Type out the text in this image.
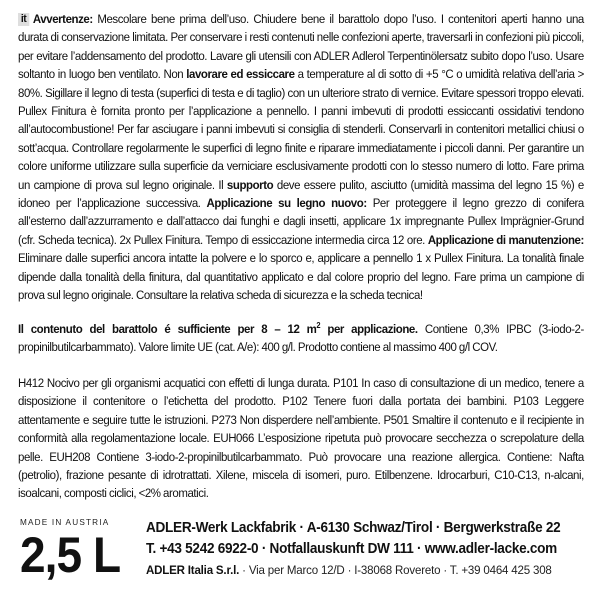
it Avvertenze: Mescolare bene prima dell’uso. Chiudere bene il barattolo dopo l’uso. I contenitori aperti hanno una durata di conservazione limitata. Per conservare i resti contenuti nelle confezioni aperte, traversarli in confezioni più piccoli, per evitare l’addensamento del prodotto. Lavare gli utensili con ADLER Adlerol Terpentinölersatz subito dopo l’uso. Usare soltanto in luogo ben ventilato. Non lavorare ed essiccare a temperature al di sotto di +5 °C o umidità relativa dell’aria > 80%. Sigillare il legno di testa (superfici di testa e di taglio) con un ulteriore strato di vernice. Evitare spessori troppo elevati. Pullex Finitura è fornita pronto per l’applicazione a pennello. I panni imbevuti di prodotti essiccanti ossidativi tendono all’autocombustione! Per far asciugare i panni imbevuti si consiglia di stenderli. Conservarli in contenitori metallici chiusi o sott’acqua. Controllare regolarmente le superfici di legno finite e riparare immediatamente i piccoli danni. Per garantire un colore uniforme utilizzare sulla superficie da verniciare esclusivamente prodotti con lo stesso numero di lotto. Fare prima un campione di prova sul legno originale. Il supporto deve essere pulito, asciutto (umidità massima del legno 15 %) e idoneo per l’applicazione successiva. Applicazione su legno nuovo: Per proteggere il legno grezzo di conifera all’esterno dall’azzurramento e dall’attacco dai funghi e dagli insetti, applicare 1x impregnante Pullex Imprägnier-Grund (cfr. Scheda tecnica). 2x Pullex Finitura. Tempo di essiccazione intermedia circa 12 ore. Applicazione di manutenzione: Eliminare dalle superfici ancora intatte la polvere e lo sporco e, applicare a pennello 1 x Pullex Finitura. La tonalità finale dipende dalla tonalità della finitura, dal quantitativo applicato e dal colore proprio del legno. Fare prima un campione di prova sul legno originale. Consultare la relativa scheda di sicurezza e la scheda tecnica!
Il contenuto del barattolo é sufficiente per 8 – 12 $m^2$ per applicazione. Contiene 0,3% IPBC (3-iodo-2-propinilbutilcarbammato). Valore limite UE (cat. A/e): 400 g/l. Prodotto contiene al massimo 400 g/l COV.
H412 Nocivo per gli organismi acquatici con effetti di lunga durata. P101 In caso di consultazione di un medico, tenere a disposizione il contenitore o l’etichetta del prodotto. P102 Tenere fuori dalla portata dei bambini. P103 Leggere attentamente e seguire tutte le istruzioni. P273 Non disperdere nell’ambiente. P501 Smaltire il contenuto e il recipiente in conformità alla regolamentazione locale. EUH066 L’esposizione ripetuta può provocare secchezza o screpolature della pelle. EUH208 Contiene 3-iodo-2-propinilbutilcarbammato. Può provocare una reazione allergica. Contiene: Nafta (petrolio), frazione pesante di idrotrattati. Xilene, miscela di isomeri, puro. Etilbenzene. Idrocarburi, C10-C13, n-alcani, isoalcani, composti ciclici, <2% aromatici.
MADE IN AUSTRIA
2,5 L ADLER-Werk Lackfabrik · A-6130 Schwaz/Tirol · Bergwerkstraße 22
T. +43 5242 6922-0 · Notfallauskunft DW 111 · www.adler-lacke.com
ADLER Italia S.r.l. · Via per Marco 12/D · I-38068 Rovereto · T. +39 0464 425 308
